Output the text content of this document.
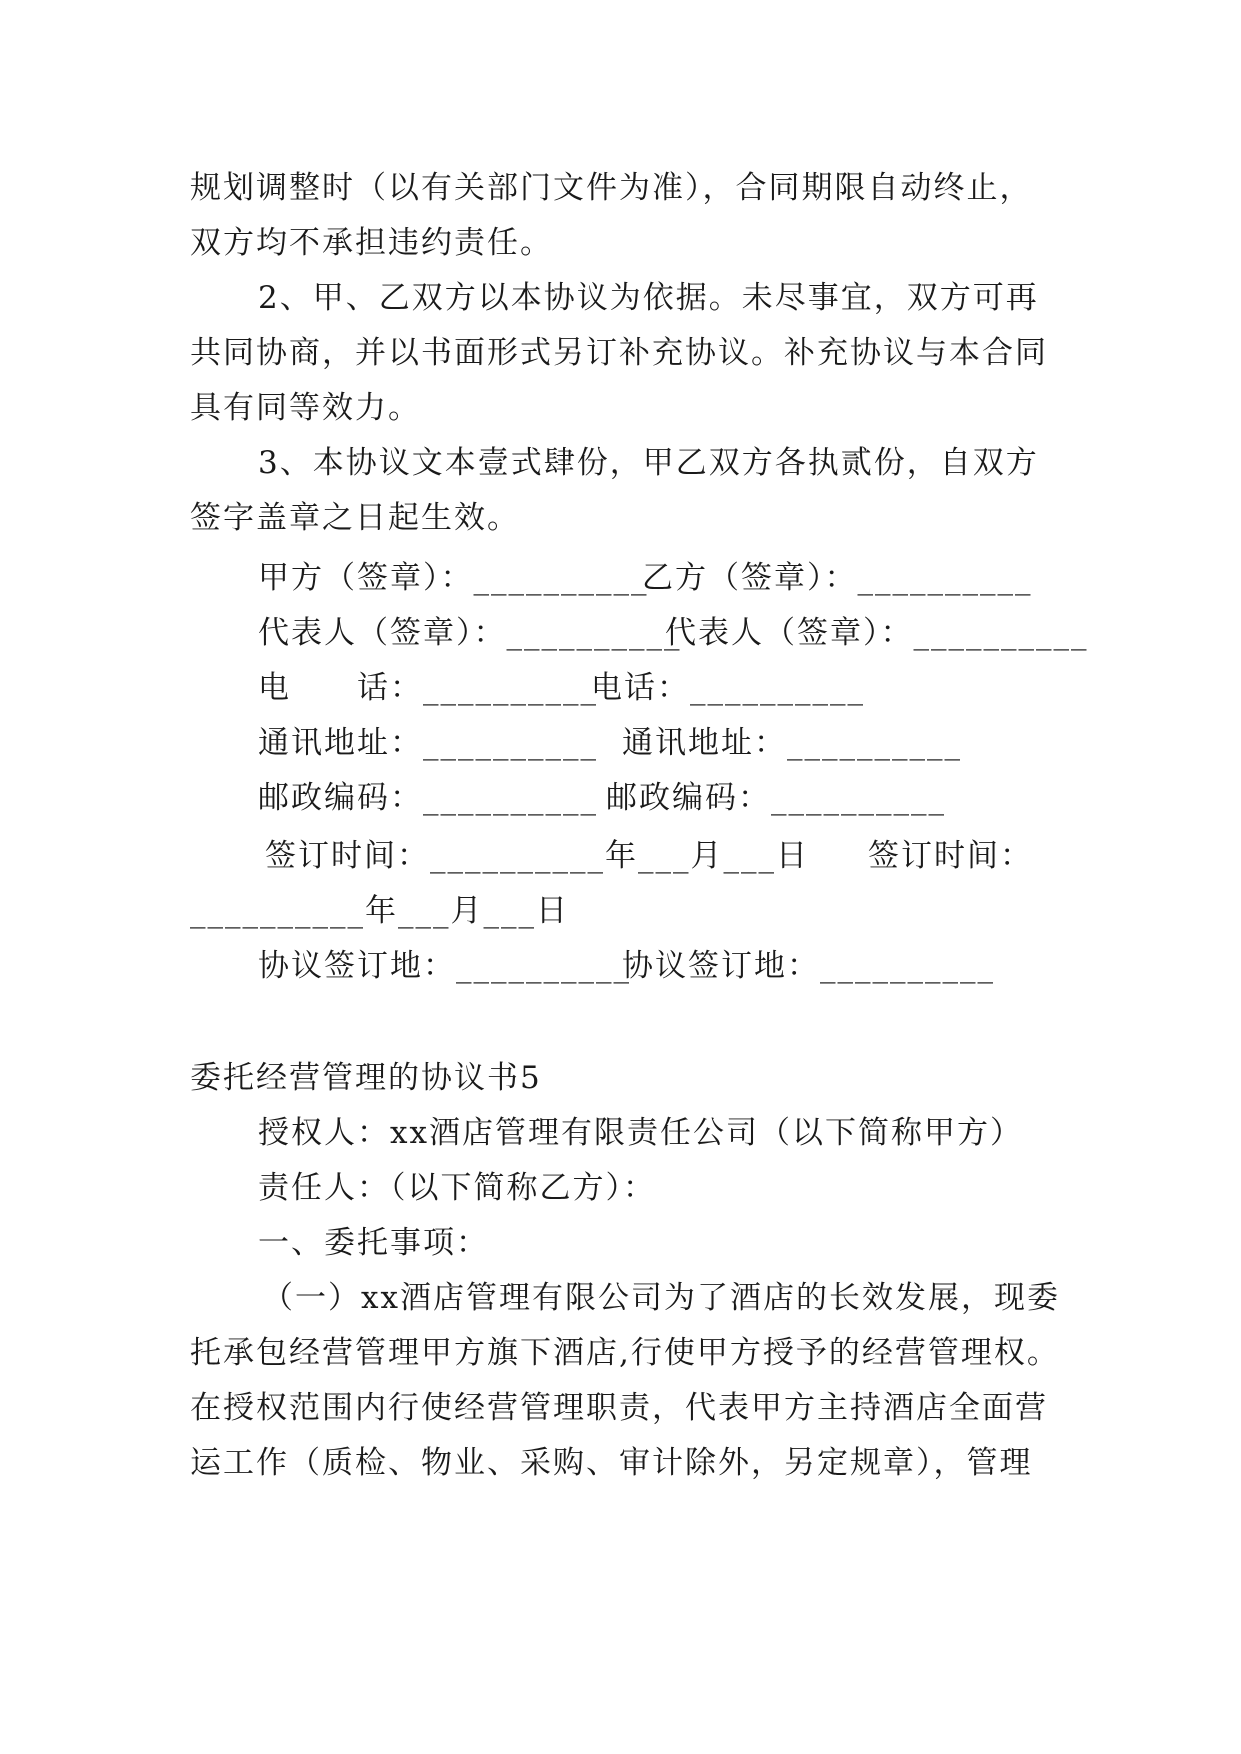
规划调整时（以有关部门文件为准），合同期限自动终止，
双方均不承担违约责任。
2、甲、乙双方以本协议为依据。未尽事宜，双方可再
共同协商，并以书面形式另订补充协议。补充协议与本合同
具有同等效力。
3、本协议文本壹式肆份，甲乙双方各执贰份，自双方
签字盖章之日起生效。
甲方（签章）：__________
乙方（签章）：__________
代表人（签章）：__________
代表人（签章）：__________
电　　话：__________
电话：__________
通讯地址：__________ 通讯地址：__________
邮政编码：__________ 邮政编码：__________
签订时间：__________年___月___日 签订时间：
__________年___月___日
协议签订地：__________
协议签订地：__________
委托经营管理的协议书5
授权人：xx酒店管理有限责任公司（以下简称甲方）
责任人：（以下简称乙方）：
一、委托事项：
（一）xx酒店管理有限公司为了酒店的长效发展，现委
托承包经营管理甲方旗下酒店,行使甲方授予的经营管理权。
在授权范围内行使经营管理职责，代表甲方主持酒店全面营
运工作（质检、物业、采购、审计除外，另定规章），管理
